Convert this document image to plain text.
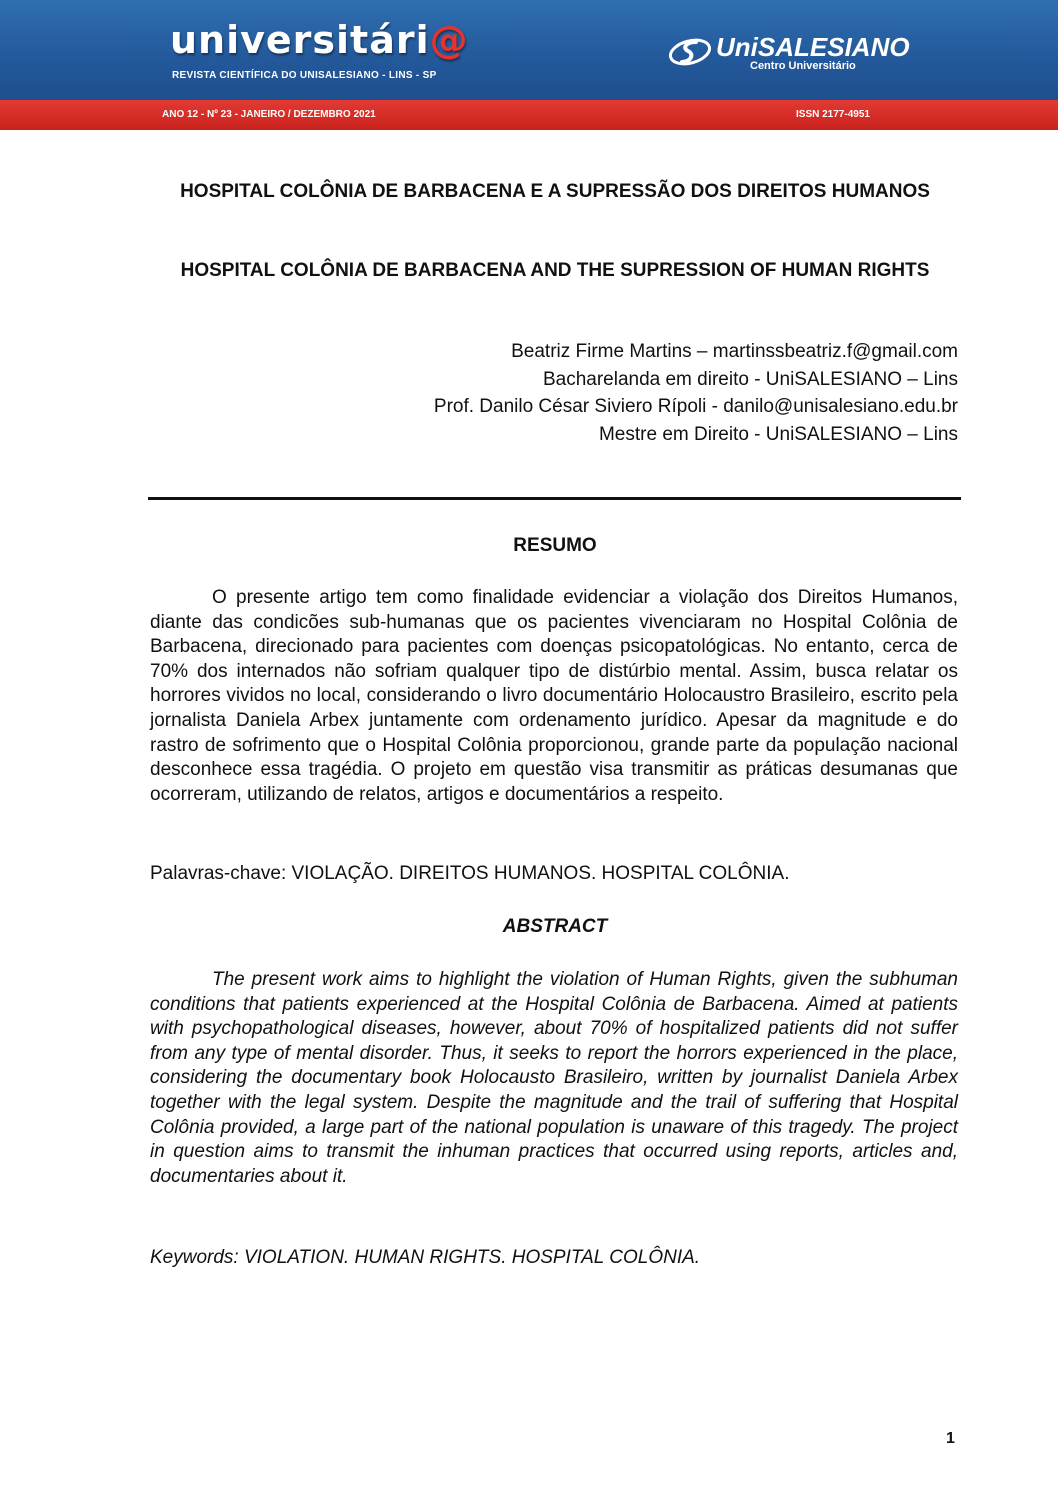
universitári@
REVISTA CIENTÍFICA DO UNISALESIANO - LINS - SP
UniSALESIANO
Centro Universitário
ANO 12 - Nº 23 - JANEIRO / DEZEMBRO 2021	ISSN 2177-4951
HOSPITAL COLÔNIA DE BARBACENA E A SUPRESSÃO DOS DIREITOS HUMANOS
HOSPITAL COLÔNIA DE BARBACENA AND THE SUPRESSION OF HUMAN RIGHTS
Beatriz Firme Martins – martinssbeatriz.f@gmail.com
Bacharelanda em direito - UniSALESIANO – Lins
Prof. Danilo César Siviero Rípoli - danilo@unisalesiano.edu.br
Mestre em Direito - UniSALESIANO – Lins
RESUMO

O presente artigo tem como finalidade evidenciar a violação dos Direitos Humanos, diante das condicões sub-humanas que os pacientes vivenciaram no Hospital Colônia de Barbacena, direcionado para pacientes com doenças psicopatológicas. No entanto, cerca de 70% dos internados não sofriam qualquer tipo de distúrbio mental. Assim, busca relatar os horrores vividos no local, considerando o livro documentário Holocaustro Brasileiro, escrito pela jornalista Daniela Arbex juntamente com ordenamento jurídico. Apesar da magnitude e do rastro de sofrimento que o Hospital Colônia proporcionou, grande parte da população nacional desconhece essa tragédia. O projeto em questão visa transmitir as práticas desumanas que ocorreram, utilizando de relatos, artigos e documentários a respeito.

Palavras-chave: VIOLAÇÃO. DIREITOS HUMANOS. HOSPITAL COLÔNIA.
ABSTRACT

The present work aims to highlight the violation of Human Rights, given the subhuman conditions that patients experienced at the Hospital Colônia de Barbacena. Aimed at patients with psychopathological diseases, however, about 70% of hospitalized patients did not suffer from any type of mental disorder. Thus, it seeks to report the horrors experienced in the place, considering the documentary book Holocausto Brasileiro, written by journalist Daniela Arbex together with the legal system. Despite the magnitude and the trail of suffering that Hospital Colônia provided, a large part of the national population is unaware of this tragedy. The project in question aims to transmit the inhuman practices that occurred using reports, articles and, documentaries about it.

Keywords: VIOLATION. HUMAN RIGHTS. HOSPITAL COLÔNIA.
1
